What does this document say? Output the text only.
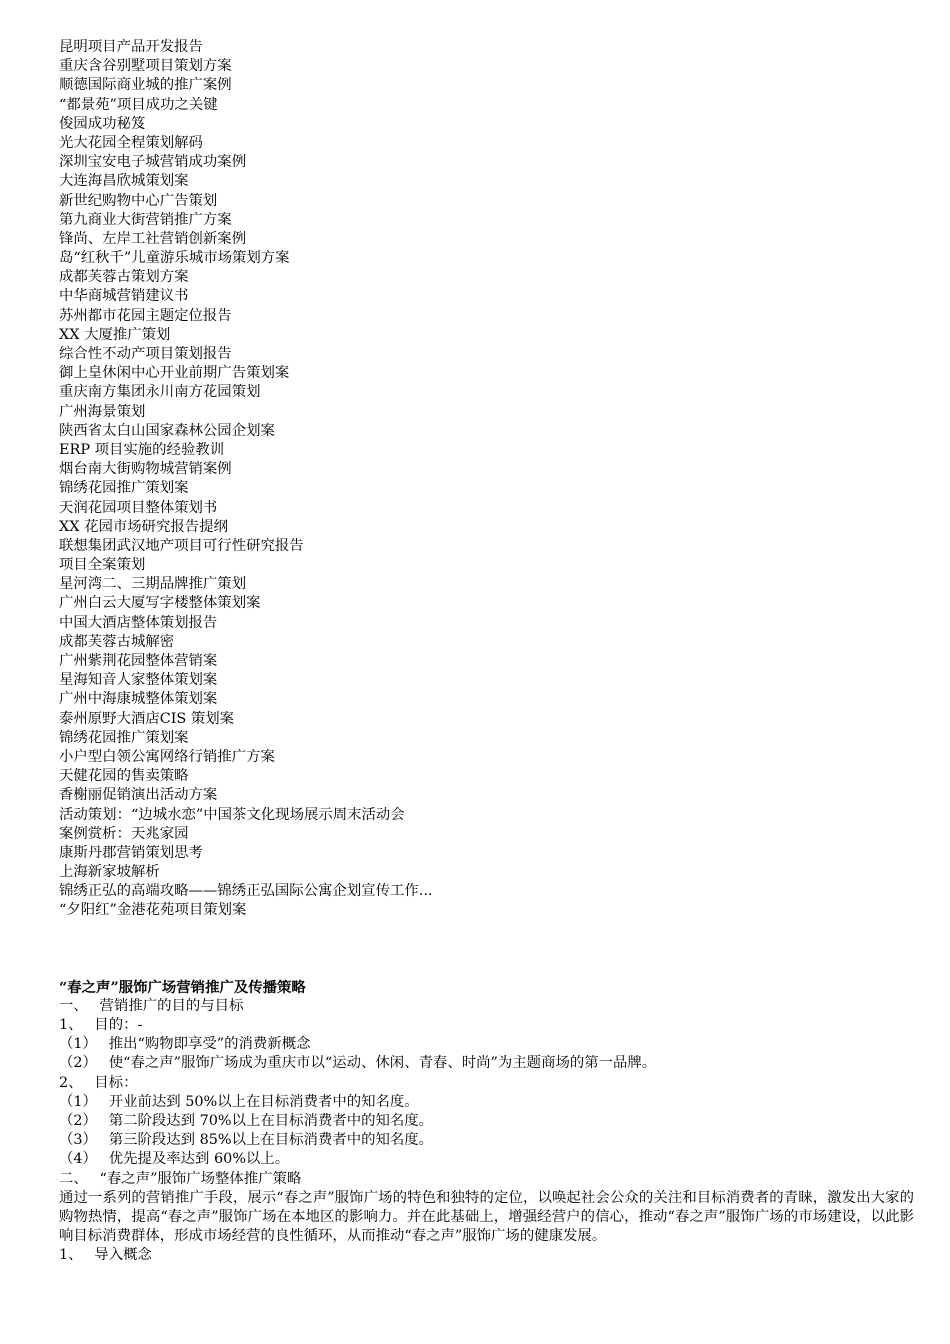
昆明项目产品开发报告
重庆含谷别墅项目策划方案
顺德国际商业城的推广案例
“都景苑”项目成功之关键
俊园成功秘笈
光大花园全程策划解码
深圳宝安电子城营销成功案例
大连海昌欣城策划案
新世纪购物中心广告策划
第九商业大街营销推广方案
锋尚、左岸工社营销创新案例
岛“红秋千”儿童游乐城市场策划方案
成都芙蓉古策划方案
中华商城营销建议书
苏州都市花园主题定位报告
XX 大厦推广策划
综合性不动产项目策划报告
御上皇休闲中心开业前期广告策划案
重庆南方集团永川南方花园策划
广州海景策划
陕西省太白山国家森林公园企划案
ERP 项目实施的经验教训
烟台南大街购物城营销案例
锦绣花园推广策划案
天润花园项目整体策划书
XX 花园市场研究报告提纲
联想集团武汉地产项目可行性研究报告
项目全案策划
星河湾二、三期品牌推广策划
广州白云大厦写字楼整体策划案
中国大酒店整体策划报告
成都芙蓉古城解密
广州紫荆花园整体营销案
星海知音人家整体策划案
广州中海康城整体策划案
泰州原野大酒店CIS 策划案
锦绣花园推广策划案
小户型白领公寓网络行销推广方案
天健花园的售卖策略
香榭丽促销演出活动方案
活动策划：“边城水恋”中国茶文化现场展示周末活动会
案例赏析：天兆家园
康斯丹郡营销策划思考
上海新家坡解析
锦绣正弘的高端攻略——锦绣正弘国际公寓企划宣传工作...
“夕阳红”金港花苑项目策划案
“春之声”服饰广场营销推广及传播策略
一、　 营销推广的目的与目标
1、　 目的：-
（1）　 推出“购物即享受”的消费新概念
（2）　 使“春之声”服饰广场成为重庆市以“运动、休闲、青春、时尚”为主题商场的第一品牌。
2、　 目标：
（1）　 开业前达到 50%以上在目标消费者中的知名度。
（2）　 第二阶段达到 70%以上在目标消费者中的知名度。
（3）　 第三阶段达到 85%以上在目标消费者中的知名度。
（4）　 优先提及率达到 60%以上。
二、　 “春之声”服饰广场整体推广策略
通过一系列的营销推广手段，展示“春之声”服饰广场的特色和独特的定位，以唤起社会公众的关注和目标消费者的青睐，激发出大家的购物热情，提高“春之声”服饰广场在本地区的影响力。并在此基础上，增强经营户的信心，推动“春之声”服饰广场的市场建设，以此影响目标消费群体，形成市场经营的良性循环，从而推动“春之声”服饰广场的健康发展。
1、　 导入概念
